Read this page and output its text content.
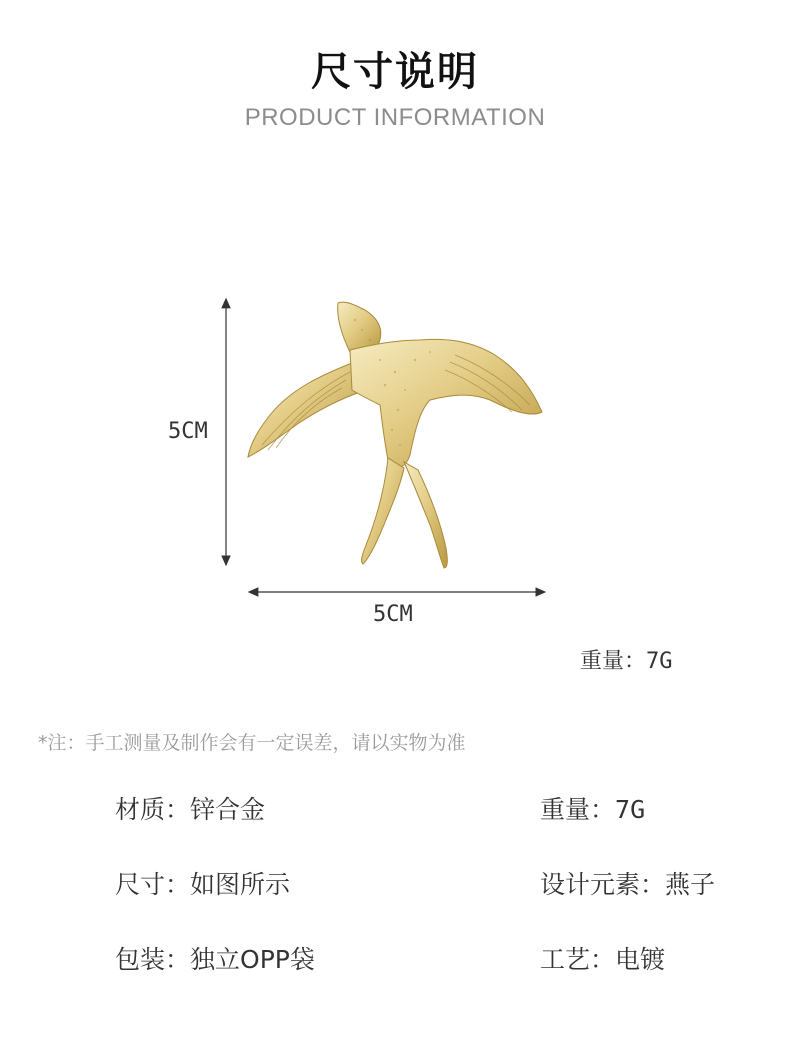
尺寸说明
PRODUCT INFORMATION
5CM
5CM
重量：7G
*注：手工测量及制作会有一定误差，请以实物为准
材质：锌合金	重量：7G
尺寸：如图所示	设计元素：燕子
包装：独立OPP袋	工艺：电镀
